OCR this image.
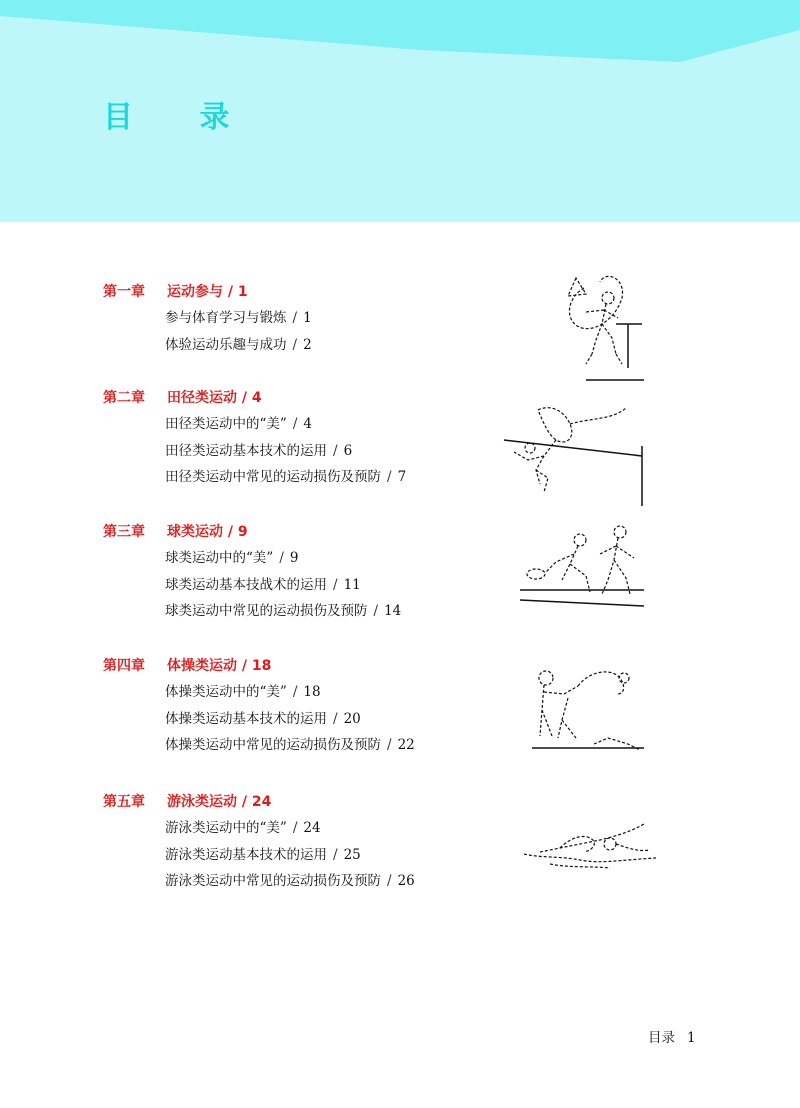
目 录
第一章 运动参与 / 1
参与体育学习与锻炼 / 1
体验运动乐趣与成功 / 2
第二章 田径类运动 / 4
田径类运动中的“美” / 4
田径类运动基本技术的运用 / 6
田径类运动中常见的运动损伤及预防 / 7
第三章 球类运动 / 9
球类运动中的“美” / 9
球类运动基本技战术的运用 / 11
球类运动中常见的运动损伤及预防 / 14
第四章 体操类运动 / 18
体操类运动中的“美” / 18
体操类运动基本技术的运用 / 20
体操类运动中常见的运动损伤及预防 / 22
第五章 游泳类运动 / 24
游泳类运动中的“美” / 24
游泳类运动基本技术的运用 / 25
游泳类运动中常见的运动损伤及预防 / 26
目录 1
